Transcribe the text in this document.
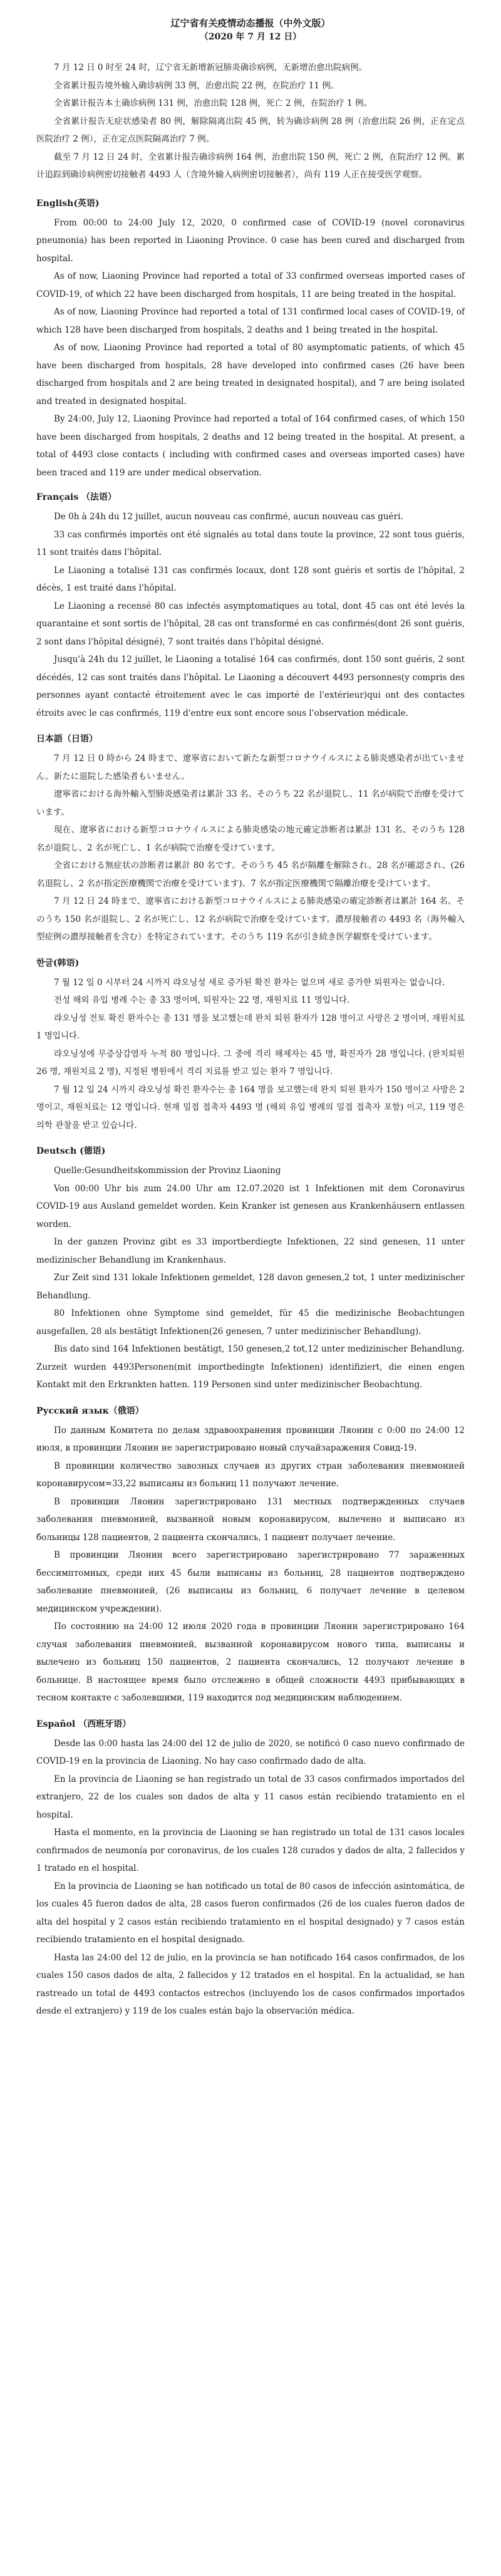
辽宁省有关疫情动态播报（中外文版）

（2020 年 7 月 12 日）

7 月 12 日 0 时至 24 时，辽宁省无新增新冠肺炎确诊病例，无新增治愈出院病例。

全省累计报告境外输入确诊病例 33 例，治愈出院 22 例，在院治疗 11 例。

全省累计报告本土确诊病例 131 例，治愈出院 128 例，死亡 2 例，在院治疗 1 例。

全省累计报告无症状感染者 80 例，解除隔离出院 45 例，转为确诊病例 28 例（治愈出院 26 例，正在定点医院治疗 2 例），正在定点医院隔离治疗 7 例。

截至 7 月 12 日 24 时，全省累计报告确诊病例 164 例，治愈出院 150 例，死亡 2 例，在院治疗 12 例。累计追踪到确诊病例密切接触者 4493 人（含境外输入病例密切接触者），尚有 119 人正在接受医学观察。

English(英语)

From 00:00 to 24:00 July 12, 2020, 0 confirmed case of COVID-19 (novel coronavirus pneumonia) has been reported in Liaoning Province. 0 case has been cured and discharged from hospital.

As of now, Liaoning Province had reported a total of 33 confirmed overseas imported cases of COVID-19, of which 22 have been discharged from hospitals, 11 are being treated in the hospital.

As of now, Liaoning Province had reported a total of 131 confirmed local cases of COVID-19, of which 128 have been discharged from hospitals, 2 deaths and 1 being treated in the hospital.

As of now, Liaoning Province had reported a total of 80 asymptomatic patients, of which 45 have been discharged from hospitals, 28 have developed into confirmed cases (26 have been discharged from hospitals and 2 are being treated in designated hospital), and 7 are being isolated and treated in designated hospital.

By 24:00, July 12, Liaoning Province had reported a total of 164 confirmed cases, of which 150 have been discharged from hospitals, 2 deaths and 12 being treated in the hospital. At present, a total of 4493 close contacts ( including with confirmed cases and overseas imported cases) have been traced and 119 are under medical observation.

Français （法语）

De 0h à 24h du 12 juillet, aucun nouveau cas confirmé, aucun nouveau cas guéri.

33 cas confirmés importés ont été signalés au total dans toute la province, 22 sont tous guéris, 11 sont traités dans l'hôpital.

Le Liaoning a totalisé 131 cas confirmés locaux, dont 128 sont guéris et sortis de l'hôpital, 2 décès, 1 est traité dans l'hôpital.

Le Liaoning a recensé 80 cas infectés asymptomatiques au total, dont 45 cas ont été levés la quarantaine et sont sortis de l'hôpital, 28 cas ont transformé en cas confirmés(dont 26 sont guéris, 2 sont dans l'hôpital désigné), 7 sont traités dans l'hôpital désigné.

Jusqu'à 24h du 12 juillet, le Liaoning a totalisé 164 cas confirmés, dont 150 sont guéris, 2 sont décédés, 12 cas sont traités dans l'hôpital. Le Liaoning a découvert 4493 personnes(y compris des personnes ayant contacté étroitement avec le cas importé de l'extérieur)qui ont des contactes étroits avec le cas confirmés, 119 d'entre eux sont encore sous l'observation médicale.

日本語（日语）

7 月 12 日 0 時から 24 時まで、遼寧省において新たな新型コロナウイルスによる肺炎感染者が出ていません。新たに退院した感染者もいません。

遼寧省における海外輸入型肺炎感染者は累計 33 名、そのうち 22 名が退院し、11 名が病院で治療を受けています。

現在、遼寧省における新型コロナウイルスによる肺炎感染の地元確定診断者は累計 131 名、そのうち 128 名が退院し、2 名が死亡し、1 名が病院で治療を受けています。

全省における無症状の診断者は累計 80 名です。そのうち 45 名が隔離を解除され、28 名が確認され、(26 名退院し、2 名が指定医療機関で治療を受けています)、7 名が指定医療機関で隔離治療を受けています。

7 月 12 日 24 時まで、遼寧省における新型コロナウイルスによる肺炎感染の確定診断者は累計 164 名、そのうち 150 名が退院し、2 名が死亡し、12 名が病院で治療を受けています。濃厚接触者の 4493 名（海外輸入型症例の濃厚接触者を含む）を特定されています。そのうち 119 名が引き続き医学観察を受けています。

한글(韩语)

7 월 12 일 0 시부터 24 시까지 랴오닝성 새로 증가된 확진 환자는 없으며 새로 증가한 퇴원자는 없습니다.

전성 해외 유입 병례 수는 총 33 명이며, 퇴원자는 22 명, 재원치료 11 명입니다.

랴오닝성 전토 확진 환자수는 총 131 명을 보고했는데 완치 퇴원 환자가 128 명이고 사망은 2 명이며, 재원치료 1 명입니다.

랴오닝성에 무증상감염자 누적 80 명입니다. 그 중에 격리 해제자는 45 명, 확진자가 28 명입니다. (완치퇴원 26 명, 재원치료 2 명), 지정된 병원에서 격리 치료를 받고 있는 환자 7 명입니다.

7 월 12 일 24 시까지 랴오닝성 확진 환자수는 총 164 명을 보고했는데 완치 퇴원 환자가 150 명이고 사망은 2 명이고, 재원치료는 12 명입니다. 현재 밀접 접촉자 4493 명 (해외 유입 병례의 밀접 접촉자 포함) 이고, 119 명은 의학 관찰을 받고 있습니다.

Deutsch (德语)

Quelle:Gesundheitskommission der Provinz Liaoning

Von 00:00 Uhr bis zum 24.00 Uhr am 12.07.2020 ist 1 Infektionen mit dem Coronavirus COVID-19 aus Ausland gemeldet worden. Kein Kranker ist genesen aus Krankenhäusern entlassen worden.

In der ganzen Provinz gibt es 33 importberdiegte Infektionen, 22 sind genesen, 11 unter medizinischer Behandlung im Krankenhaus.

Zur Zeit sind 131 lokale Infektionen gemeldet, 128 davon genesen,2 tot, 1 unter medizinischer Behandlung.

80 Infektionen ohne Symptome sind gemeldet, für 45 die medizinische Beobachtungen ausgefallen, 28 als bestätigt Infektionen(26 genesen, 7 unter medizinischer Behandlung).

Bis dato sind 164 Infektionen bestätigt, 150 genesen,2 tot,12 unter medizinischer Behandlung. Zurzeit wurden 4493Personen(mit importbedingte Infektionen) identifiziert, die einen engen Kontakt mit den Erkrankten hatten. 119 Personen sind unter medizinischer Beobachtung.

Русский язык（俄语）

По данным Комитета по делам здравоохранения провинции Ляонин с 0:00 по 24:00 12 июля, в провинции Ляонин не зарегистрировано новый случайзаражения Совид-19.

В провинции количество завозных случаев из других стран заболевания пневмонией коронавирусом=33,22 выписаны из больниц 11 получают лечение.

В провинции Ляонин зарегистрировано 131 местных подтвержденных случаев заболевания пневмонией, вызванной новым коронавирусом, вылечено и выписано из больницы 128 пациентов, 2 пациента скончались, 1 пациент получает лечение.

В провинции Ляонин всего зарегистрировано зарегистрировано 77 зараженных бессимптомных, среди них 45 были выписаны из больниц, 28 пациентов подтверждено заболевание пневмонией, (26 выписаны из больниц, 6 получает лечение в целевом медицинском учреждении).

По состоянию на 24:00 12 июля 2020 года в провинции Ляонин зарегистрировано 164 случая заболевания пневмонией, вызванной коронавирусом нового типа, выписаны и вылечено из больниц 150 пациентов, 2 пациента скончались, 12 получают лечение в больнице. В настоящее время было отслежено в общей сложности 4493 прибывающих в тесном контакте с заболевшими, 119 находится под медицинским наблюдением.

Español （西班牙语）

Desde las 0:00 hasta las 24:00 del 12 de julio de 2020, se notificó 0 caso nuevo confirmado de COVID-19 en la provincia de Liaoning. No hay caso confirmado dado de alta.

En la provincia de Liaoning se han registrado un total de 33 casos confirmados importados del extranjero, 22 de los cuales son dados de alta y 11 casos están recibiendo tratamiento en el hospital.

Hasta el momento, en la provincia de Liaoning se han registrado un total de 131 casos locales confirmados de neumonía por coronavirus, de los cuales 128 curados y dados de alta, 2 fallecidos y 1 tratado en el hospital.

En la provincia de Liaoning se han notificado un total de 80 casos de infección asintomática, de los cuales 45 fueron dados de alta, 28 casos fueron confirmados (26 de los cuales fueron dados de alta del hospital y 2 casos están recibiendo tratamiento en el hospital designado) y 7 casos están recibiendo tratamiento en el hospital designado.

Hasta las 24:00 del 12 de julio, en la provincia se han notificado 164 casos confirmados, de los cuales 150 casos dados de alta, 2 fallecidos y 12 tratados en el hospital. En la actualidad, se han rastreado un total de 4493 contactos estrechos (incluyendo los de casos confirmados importados desde el extranjero) y 119 de los cuales están bajo la observación médica.
